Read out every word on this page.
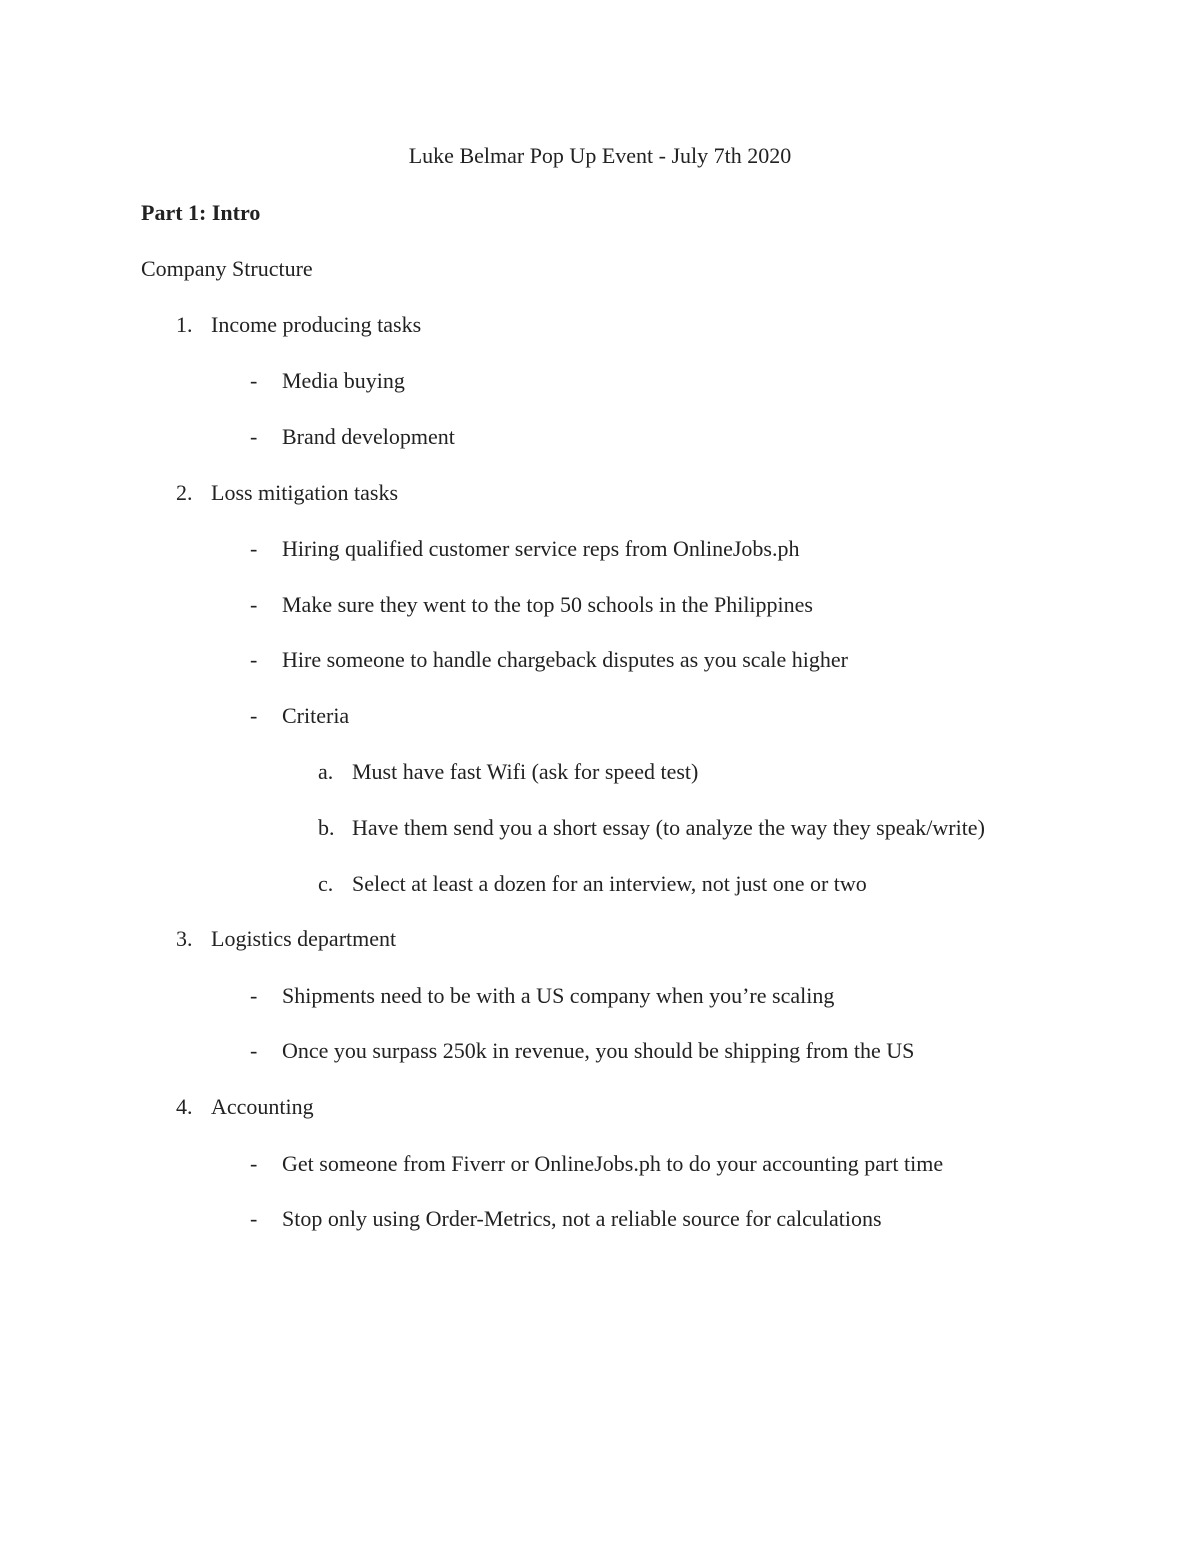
Luke Belmar Pop Up Event - July 7th 2020
Part 1: Intro
Company Structure
1. Income producing tasks
- Media buying
- Brand development
2. Loss mitigation tasks
- Hiring qualified customer service reps from OnlineJobs.ph
- Make sure they went to the top 50 schools in the Philippines
- Hire someone to handle chargeback disputes as you scale higher
- Criteria
a. Must have fast Wifi (ask for speed test)
b. Have them send you a short essay (to analyze the way they speak/write)
c. Select at least a dozen for an interview, not just one or two
3. Logistics department
- Shipments need to be with a US company when you’re scaling
- Once you surpass 250k in revenue, you should be shipping from the US
4. Accounting
- Get someone from Fiverr or OnlineJobs.ph to do your accounting part time
- Stop only using Order-Metrics, not a reliable source for calculations
